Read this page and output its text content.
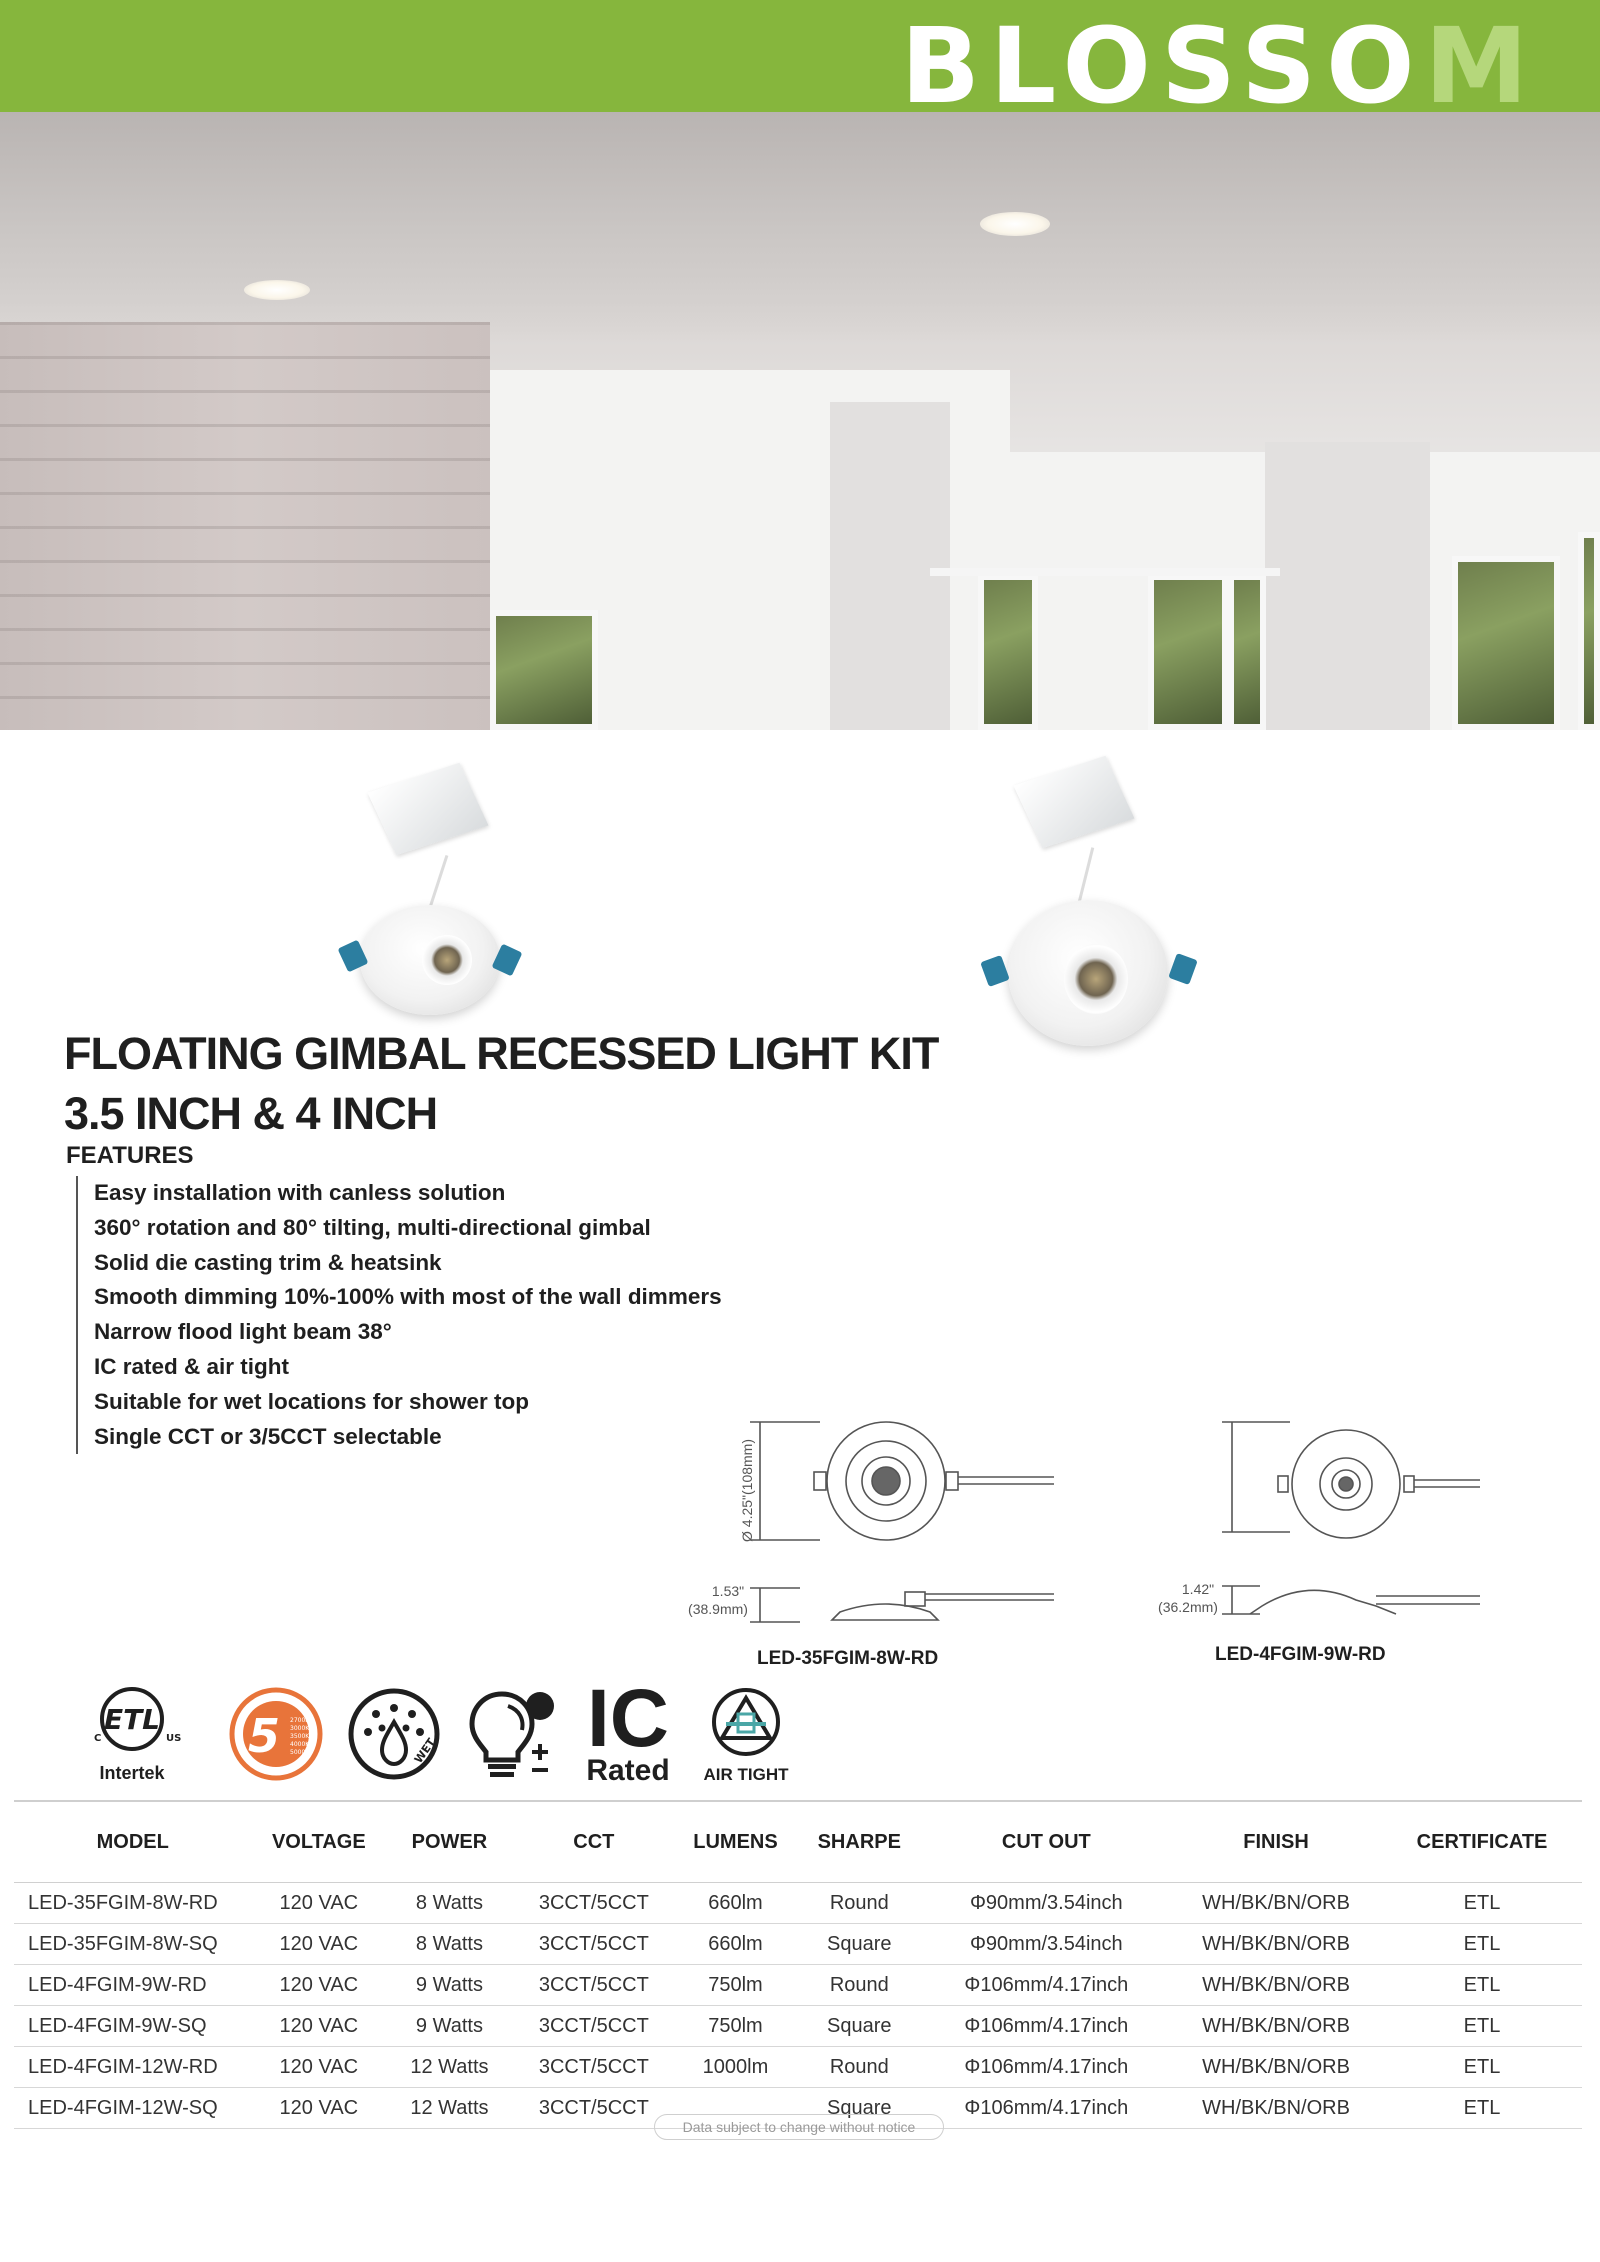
BLOSSOM
FLOATING GIMBAL RECESSED LIGHT KIT
3.5 INCH & 4 INCH
FEATURES
Easy installation with canless solution
360° rotation and 80° tilting, multi-directional gimbal
Solid die casting trim & heatsink
Smooth dimming 10%-100% with most of the wall dimmers
Narrow flood light beam 38°
IC rated & air tight
Suitable for wet locations for shower top
Single CCT or 3/5CCT selectable
Ø 4.25"(108mm)
1.53"
(38.9mm)
LED-35FGIM-8W-RD
1.42"
(36.2mm)
LED-4FGIM-9W-RD
ETL
C	US
Intertek
5 2700K
3000K
3500K
4000K
5000K	WET IC
Rated AIR TIGHT
MODEL	VOLTAGE	POWER	CCT	LUMENS	SHARPE	CUT OUT	FINISH	CERTIFICATE
LED-35FGIM-8W-RD	120 VAC	8 Watts	3CCT/5CCT	660lm	Round	Φ90mm/3.54inch	WH/BK/BN/ORB	ETL
LED-35FGIM-8W-SQ	120 VAC	8 Watts	3CCT/5CCT	660lm	Square	Φ90mm/3.54inch	WH/BK/BN/ORB	ETL
LED-4FGIM-9W-RD	120 VAC	9 Watts	3CCT/5CCT	750lm	Round	Φ106mm/4.17inch	WH/BK/BN/ORB	ETL
LED-4FGIM-9W-SQ	120 VAC	9 Watts	3CCT/5CCT	750lm	Square	Φ106mm/4.17inch	WH/BK/BN/ORB	ETL
LED-4FGIM-12W-RD	120 VAC	12 Watts	3CCT/5CCT	1000lm	Round	Φ106mm/4.17inch	WH/BK/BN/ORB	ETL
LED-4FGIM-12W-SQ	120 VAC	12 Watts	3CCT/5CCT		Square	Φ106mm/4.17inch	WH/BK/BN/ORB	ETL
Data subject to change without notice
